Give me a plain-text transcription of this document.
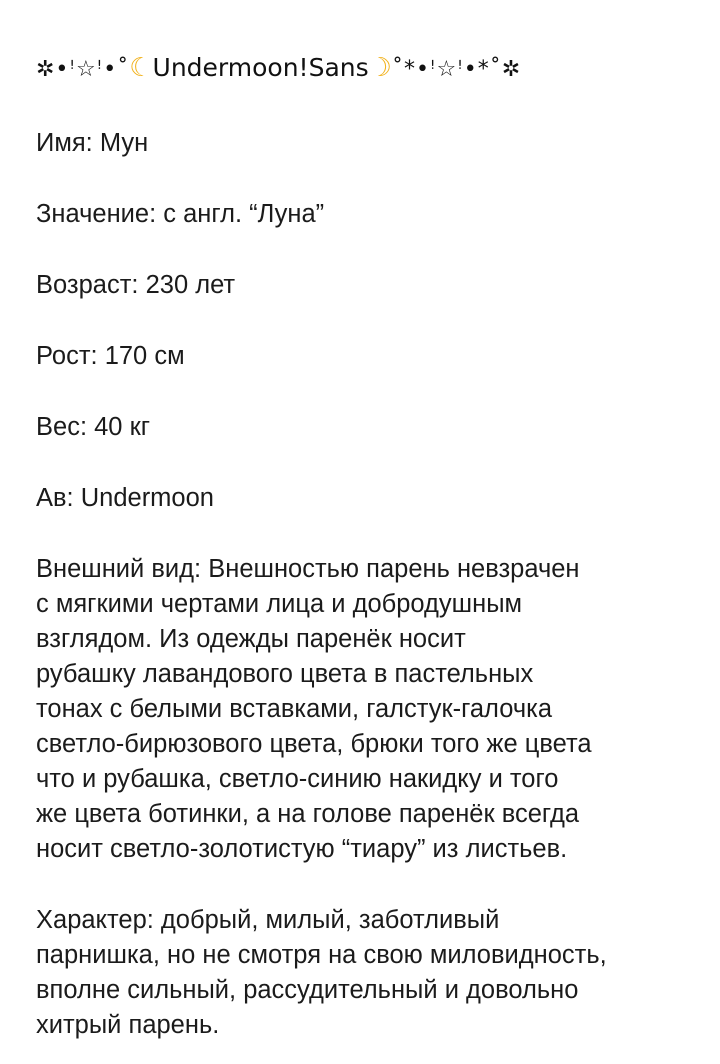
✲•ꜝ☆ꜝ•˚☾Undermoon!Sans☽˚*•ꜝ☆ꜝ•*˚✲

Имя: Мун

Значение: с англ. “Луна”

Возраст: 230 лет

Рост: 170 см

Вес: 40 кг

Ав: Undermoon

Внешний вид: Внешностью парень невзрачен
с мягкими чертами лица и добродушным
взглядом. Из одежды паренёк носит
рубашку лавандового цвета в пастельных
тонах с белыми вставками, галстук-галочка
светло-бирюзового цвета, брюки того же цвета
что и рубашка, светло-синию накидку и того
же цвета ботинки, а на голове паренёк всегда
носит светло-золотистую “тиару” из листьев.

Характер: добрый, милый, заботливый
парнишка, но не смотря на свою миловидность,
вполне сильный, рассудительный и довольно
хитрый парень.
